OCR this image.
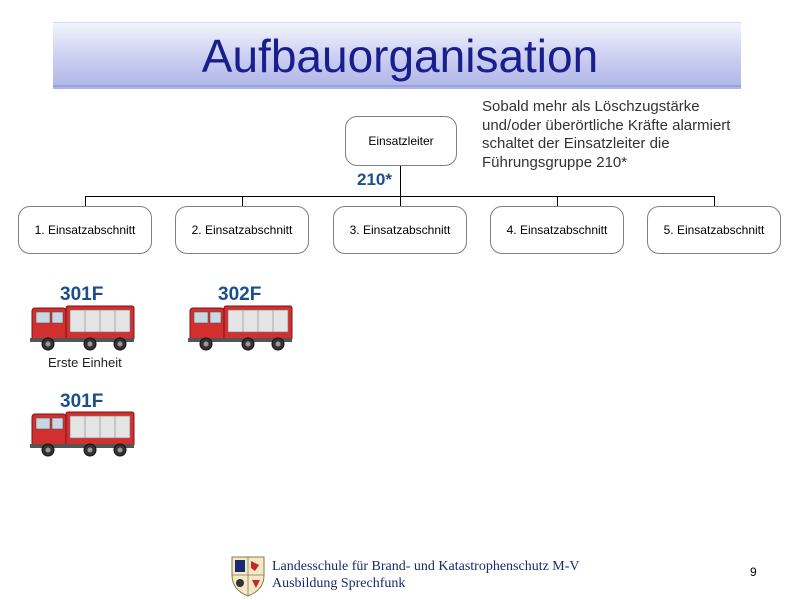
Aufbauorganisation
Einsatzleiter
210*
Sobald mehr als Löschzugstärke und/oder überörtliche Kräfte alarmiert schaltet der Einsatzleiter die Führungsgruppe 210*
1. Einsatzabschnitt	2. Einsatzabschnitt	3. Einsatzabschnitt	4. Einsatzabschnitt	5. Einsatzabschnitt
301F
Erste Einheit
302F
301F
Landesschule für Brand- und Katastrophenschutz M-V
Ausbildung Sprechfunk
9
